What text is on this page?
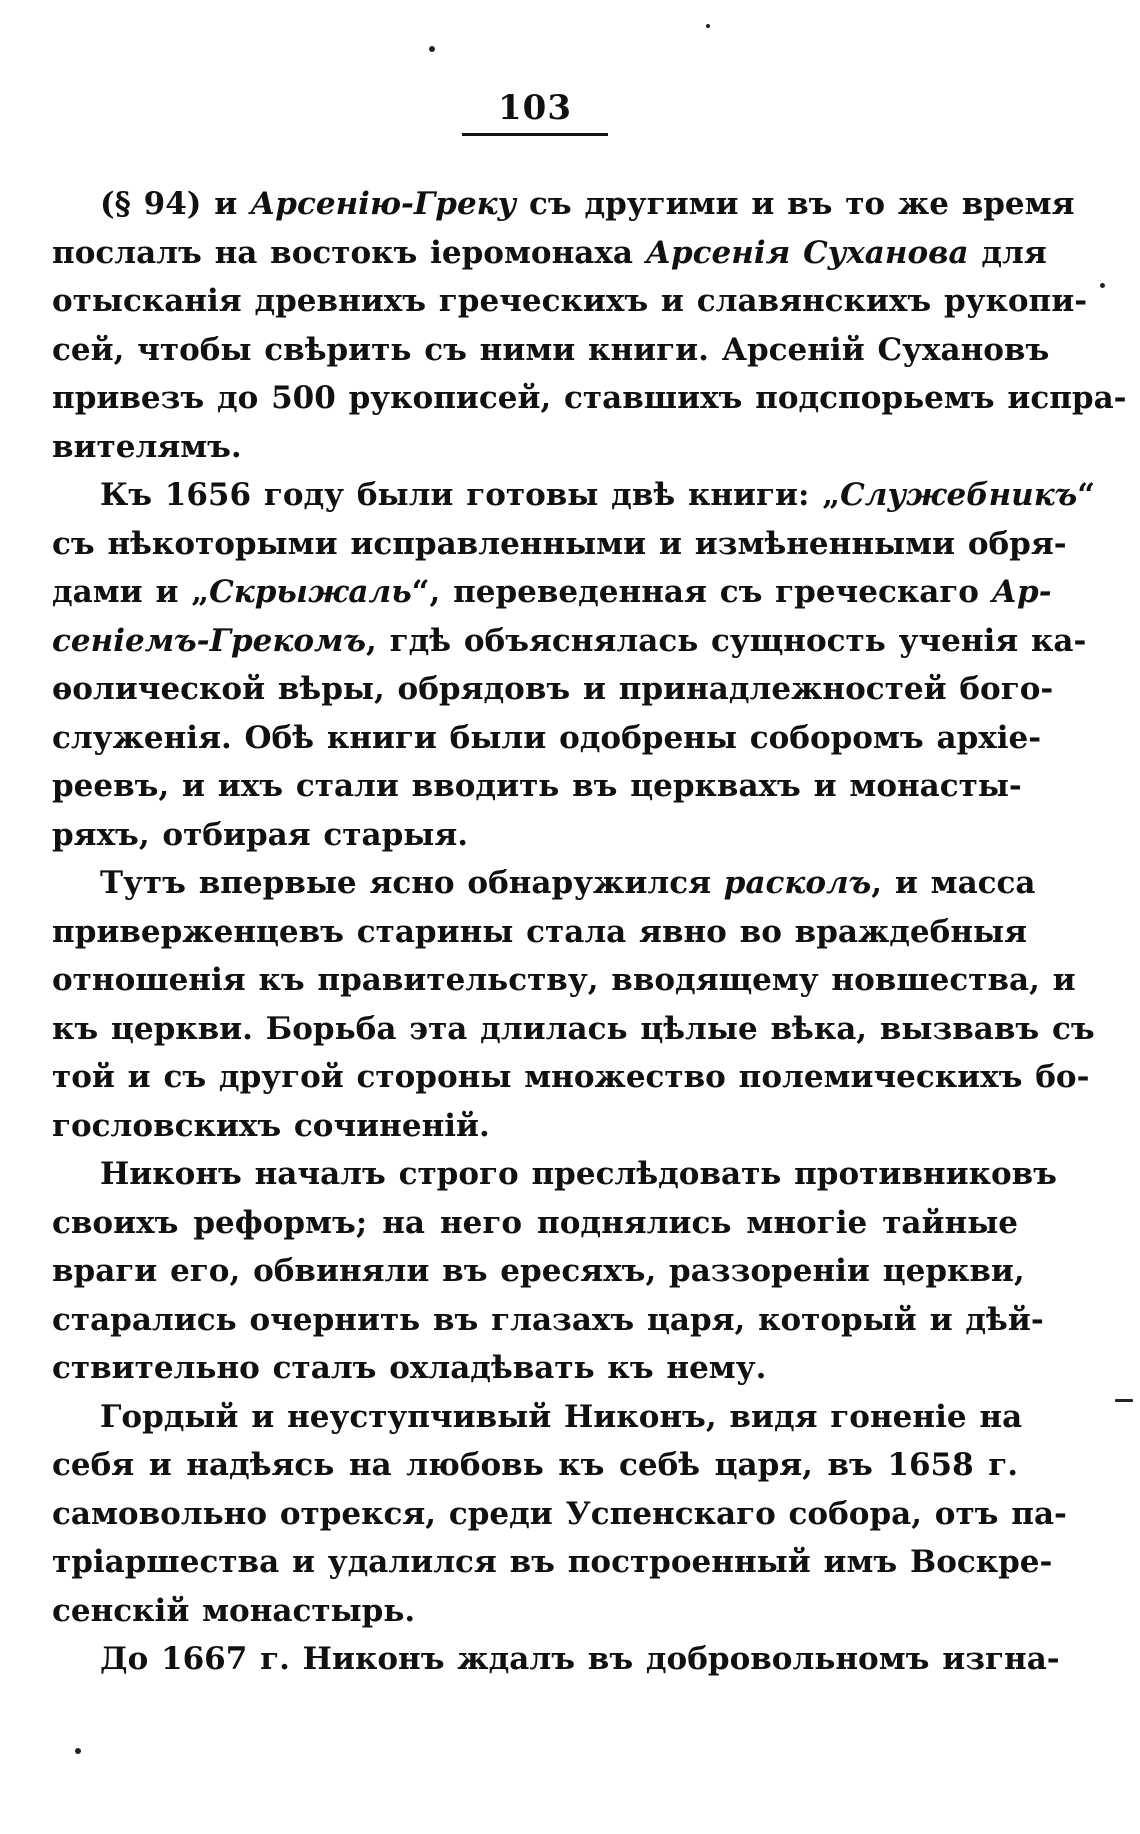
103
(§ 94) и Арсенію-Греку съ другими и въ то же время
послалъ на востокъ іеромонаха Арсенія Суханова для
отысканія древнихъ греческихъ и славянскихъ рукопи-
сей, чтобы свѣрить съ ними книги. Арсеній Сухановъ
привезъ до 500 рукописей, ставшихъ подспорьемъ испра-
вителямъ.
Къ 1656 году были готовы двѣ книги: „Служебникъ“
съ нѣкоторыми исправленными и измѣненными обря-
дами и „Скрыжаль“, переведенная съ греческаго Ар-
сеніемъ-Грекомъ, гдѣ объяснялась сущность ученія ка-
ѳолической вѣры, обрядовъ и принадлежностей бого-
служенія. Обѣ книги были одобрены соборомъ архіе-
реевъ, и ихъ стали вводить въ церквахъ и монасты-
ряхъ, отбирая старыя.
Тутъ впервые ясно обнаружился расколъ, и масса
приверженцевъ старины стала явно во враждебныя
отношенія къ правительству, вводящему новшества, и
къ церкви. Борьба эта длилась цѣлые вѣка, вызвавъ съ
той и съ другой стороны множество полемическихъ бо-
гословскихъ сочиненій.
Никонъ началъ строго преслѣдовать противниковъ
своихъ реформъ; на него поднялись многіе тайные
враги его, обвиняли въ ересяхъ, раззореніи церкви,
старались очернить въ глазахъ царя, который и дѣй-
ствительно сталъ охладѣвать къ нему.
Гордый и неуступчивый Никонъ, видя гоненіе на
себя и надѣясь на любовь къ себѣ царя, въ 1658 г.
самовольно отрекся, среди Успенскаго собора, отъ па-
тріаршества и удалился въ построенный имъ Воскре-
сенскій монастырь.
До 1667 г. Никонъ ждалъ въ добровольномъ изгна-
